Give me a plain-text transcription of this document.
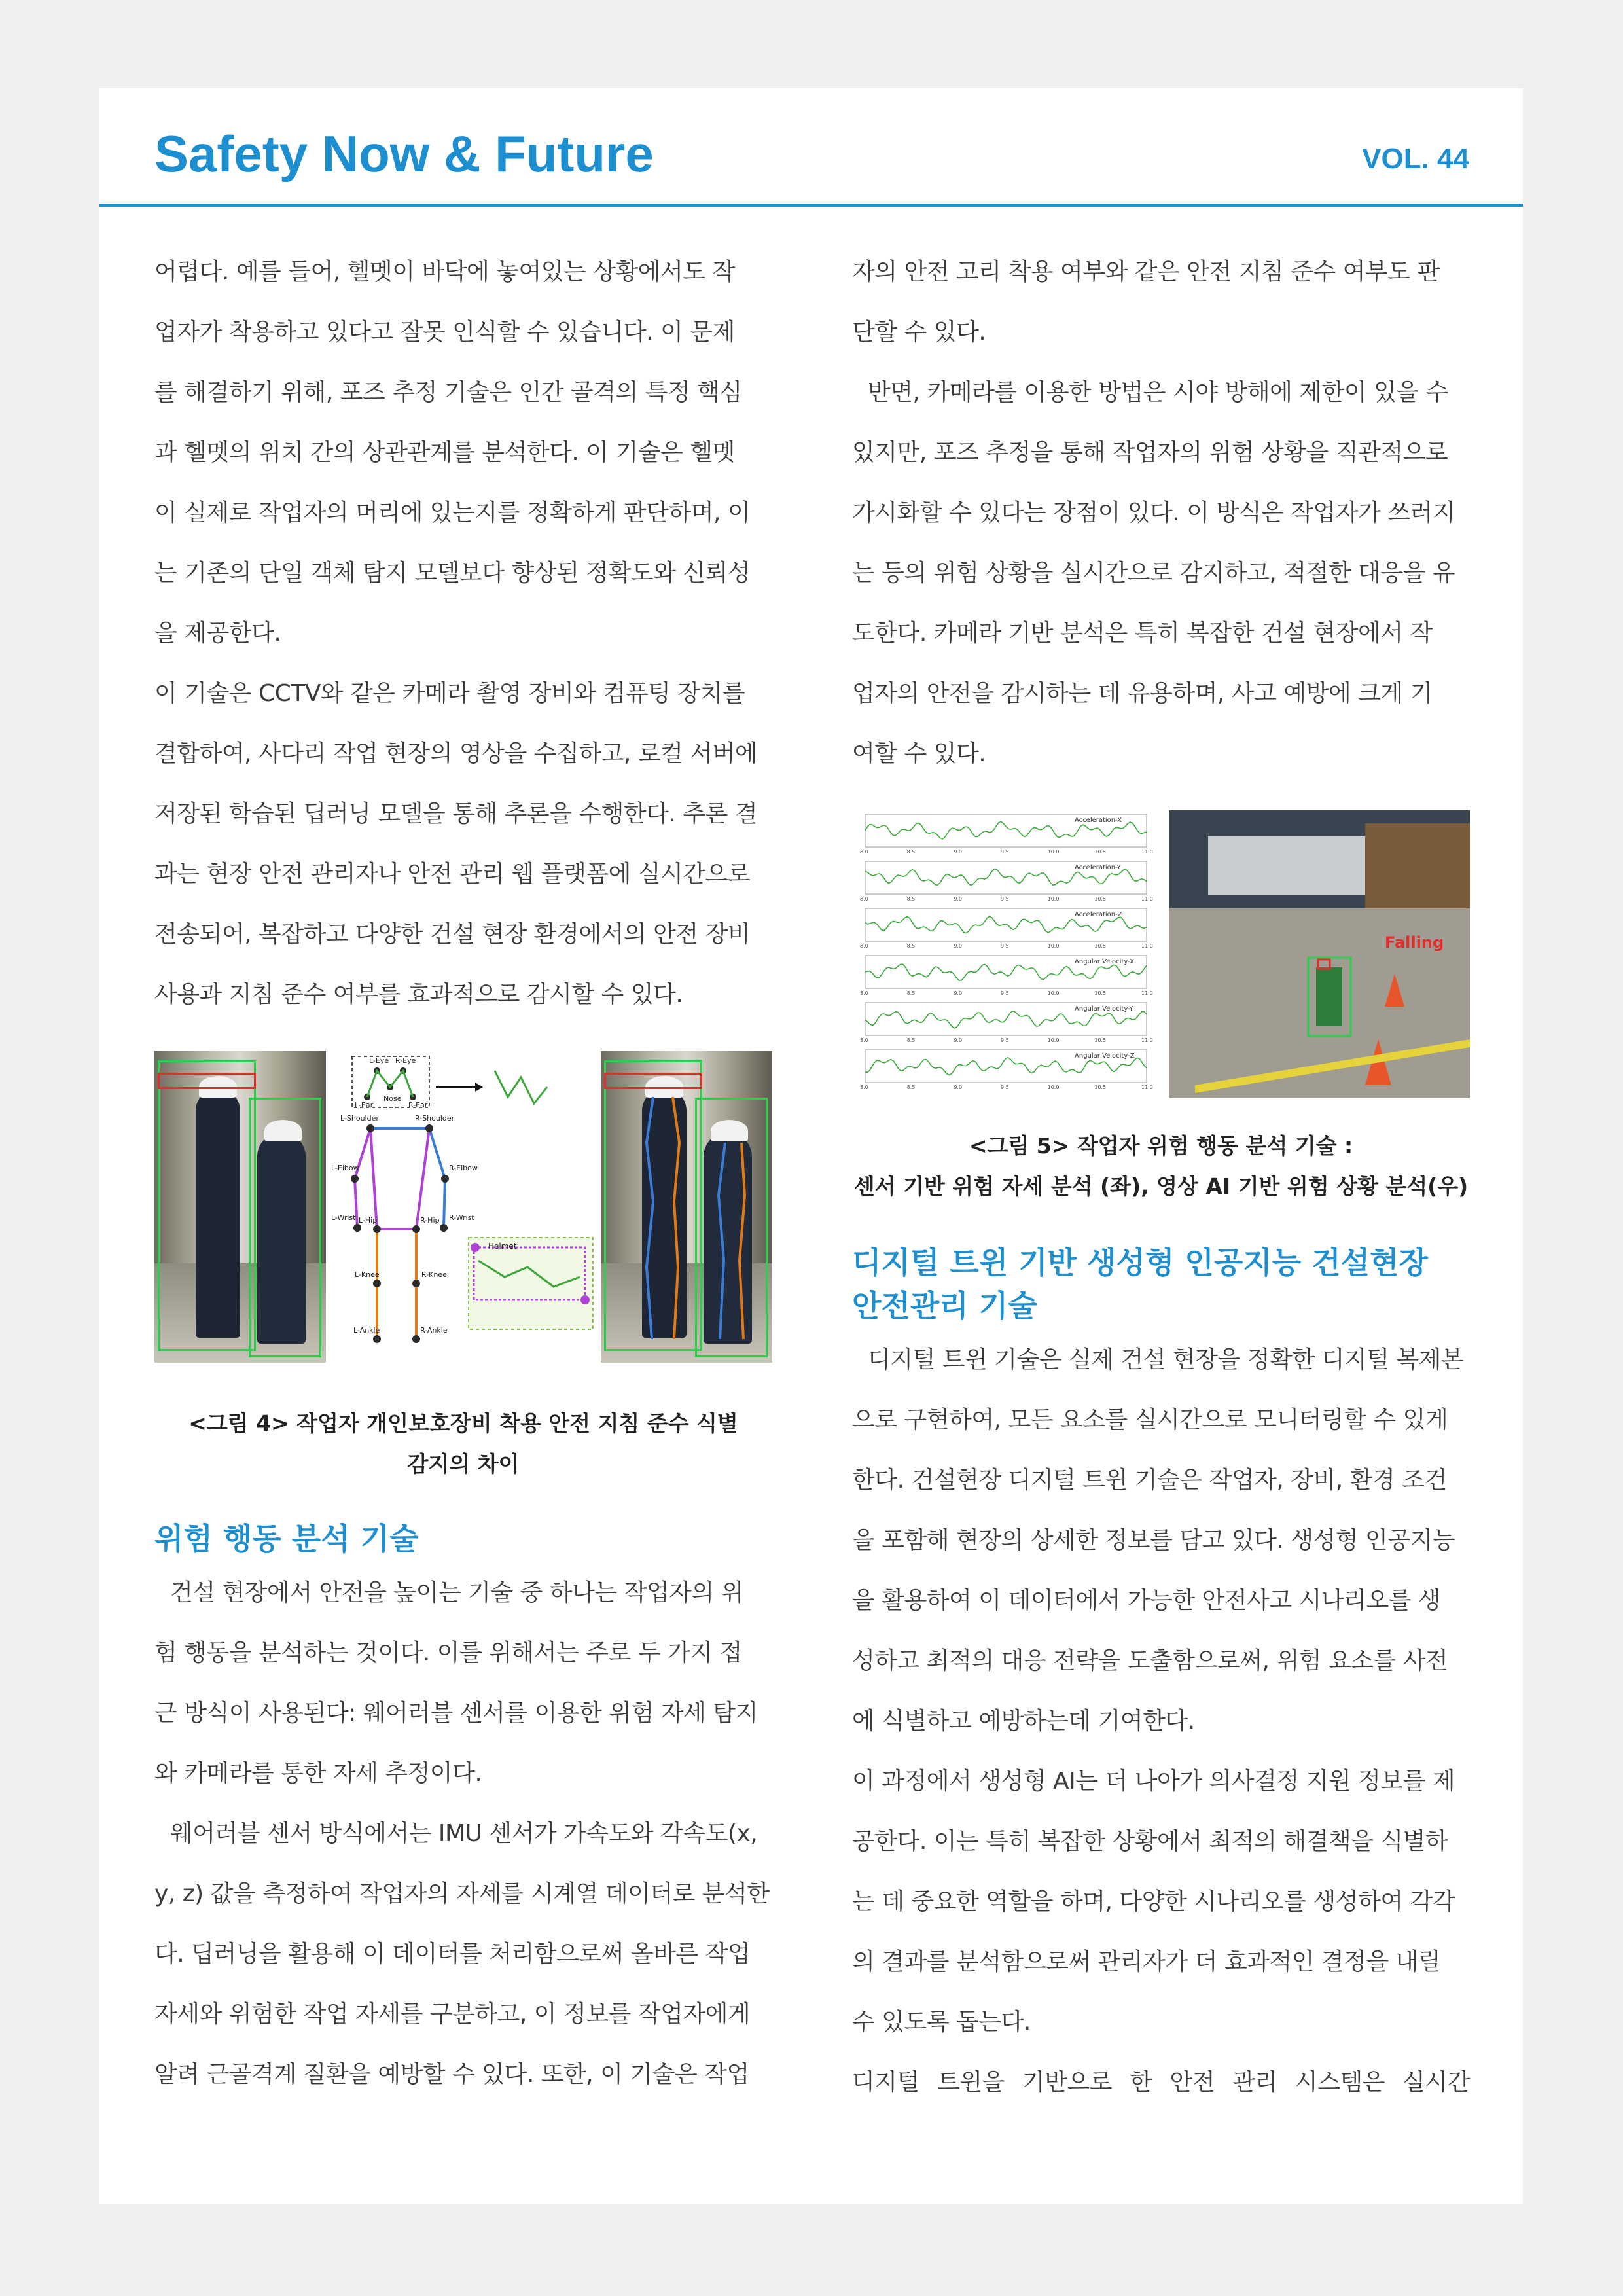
Safety Now & Future	VOL. 44
어렵다. 예를 들어, 헬멧이 바닥에 놓여있는 상황에서도 작
업자가 착용하고 있다고 잘못 인식할 수 있습니다. 이 문제
를 해결하기 위해, 포즈 추정 기술은 인간 골격의 특정 핵심
과 헬멧의 위치 간의 상관관계를 분석한다. 이 기술은 헬멧
이 실제로 작업자의 머리에 있는지를 정확하게 판단하며, 이
는 기존의 단일 객체 탐지 모델보다 향상된 정확도와 신뢰성
을 제공한다.
이 기술은 CCTV와 같은 카메라 촬영 장비와 컴퓨팅 장치를
결합하여, 사다리 작업 현장의 영상을 수집하고, 로컬 서버에
저장된 학습된 딥러닝 모델을 통해 추론을 수행한다. 추론 결
과는 현장 안전 관리자나 안전 관리 웹 플랫폼에 실시간으로
전송되어, 복잡하고 다양한 건설 현장 환경에서의 안전 장비
사용과 지침 준수 여부를 효과적으로 감시할 수 있다.
L-Eye R-Eye
Nose
L-Ear	R-Ear
L-Shoulder	R-Shoulder
L-Elbow	R-Elbow
L-Wrist	R-Wrist
L-Hip	R-Hip
L-Knee	R-Knee
L-Ankle	R-Ankle
Helmet
<그림 4> 작업자 개인보호장비 착용 안전 지침 준수 식별
감지의 차이
위험 행동 분석 기술
건설 현장에서 안전을 높이는 기술 중 하나는 작업자의 위
험 행동을 분석하는 것이다. 이를 위해서는 주로 두 가지 접
근 방식이 사용된다: 웨어러블 센서를 이용한 위험 자세 탐지
와 카메라를 통한 자세 추정이다.
웨어러블 센서 방식에서는 IMU 센서가 가속도와 각속도(x,
y, z) 값을 측정하여 작업자의 자세를 시계열 데이터로 분석한
다. 딥러닝을 활용해 이 데이터를 처리함으로써 올바른 작업
자세와 위험한 작업 자세를 구분하고, 이 정보를 작업자에게
알려 근골격계 질환을 예방할 수 있다. 또한, 이 기술은 작업
자의 안전 고리 착용 여부와 같은 안전 지침 준수 여부도 판
단할 수 있다.
반면, 카메라를 이용한 방법은 시야 방해에 제한이 있을 수
있지만, 포즈 추정을 통해 작업자의 위험 상황을 직관적으로
가시화할 수 있다는 장점이 있다. 이 방식은 작업자가 쓰러지
는 등의 위험 상황을 실시간으로 감지하고, 적절한 대응을 유
도한다. 카메라 기반 분석은 특히 복잡한 건설 현장에서 작
업자의 안전을 감시하는 데 유용하며, 사고 예방에 크게 기
여할 수 있다.
Acceleration-X
8.0	8.5	9.0	9.5	10.0	10.5	11.0
Acceleration-Y
8.0	8.5	9.0	9.5	10.0	10.5	11.0
Acceleration-Z
8.0	8.5	9.0	9.5	10.0	10.5	11.0
Angular Velocity-X
8.0	8.5	9.0	9.5	10.0	10.5	11.0
Angular Velocity-Y
8.0	8.5	9.0	9.5	10.0	10.5	11.0
Angular Velocity-Z
8.0	8.5	9.0	9.5	10.0	10.5	11.0
Falling
<그림 5> 작업자 위험 행동 분석 기술 :
센서 기반 위험 자세 분석 (좌), 영상 AI 기반 위험 상황 분석(우)
디지털 트윈 기반 생성형 인공지능 건설현장
안전관리 기술
디지털 트윈 기술은 실제 건설 현장을 정확한 디지털 복제본
으로 구현하여, 모든 요소를 실시간으로 모니터링할 수 있게
한다. 건설현장 디지털 트윈 기술은 작업자, 장비, 환경 조건
을 포함해 현장의 상세한 정보를 담고 있다. 생성형 인공지능
을 활용하여 이 데이터에서 가능한 안전사고 시나리오를 생
성하고 최적의 대응 전략을 도출함으로써, 위험 요소를 사전
에 식별하고 예방하는데 기여한다.
이 과정에서 생성형 AI는 더 나아가 의사결정 지원 정보를 제
공한다. 이는 특히 복잡한 상황에서 최적의 해결책을 식별하
는 데 중요한 역할을 하며, 다양한 시나리오를 생성하여 각각
의 결과를 분석함으로써 관리자가 더 효과적인 결정을 내릴
수 있도록 돕는다.
디지털 트윈을 기반으로 한 안전 관리 시스템은 실시간
